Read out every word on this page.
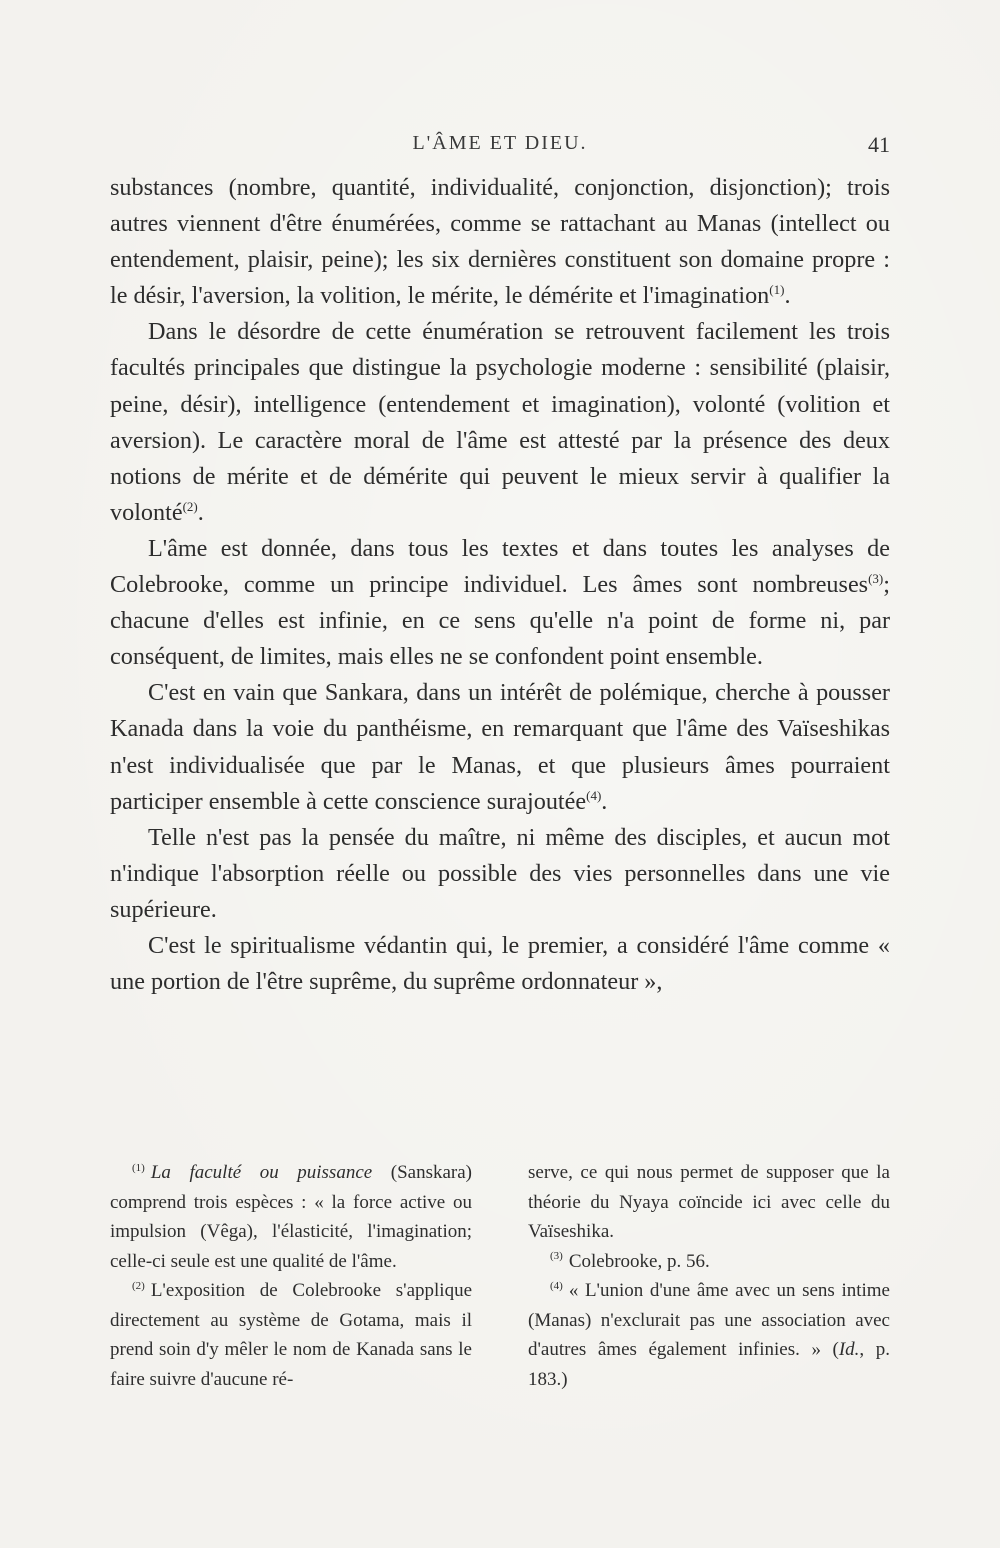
L'ÂME ET DIEU.	41

substances (nombre, quantité, individualité, conjonction, disjonction); trois autres viennent d'être énumérées, comme se rattachant au Manas (intellect ou entendement, plaisir, peine); les six dernières constituent son domaine propre : le désir, l'aversion, la volition, le mérite, le démérite et l'imagination$^{(1)}$.

Dans le désordre de cette énumération se retrouvent facilement les trois facultés principales que distingue la psychologie moderne : sensibilité (plaisir, peine, désir), intelligence (entendement et imagination), volonté (volition et aversion). Le caractère moral de l'âme est attesté par la présence des deux notions de mérite et de démérite qui peuvent le mieux servir à qualifier la volonté$^{(2)}$.

L'âme est donnée, dans tous les textes et dans toutes les analyses de Colebrooke, comme un principe individuel. Les âmes sont nombreuses$^{(3)}$; chacune d'elles est infinie, en ce sens qu'elle n'a point de forme ni, par conséquent, de limites, mais elles ne se confondent point ensemble.

C'est en vain que Sankara, dans un intérêt de polémique, cherche à pousser Kanada dans la voie du panthéisme, en remarquant que l'âme des Vaïseshikas n'est individualisée que par le Manas, et que plusieurs âmes pourraient participer ensemble à cette conscience surajoutée$^{(4)}$.

Telle n'est pas la pensée du maître, ni même des disciples, et aucun mot n'indique l'absorption réelle ou possible des vies personnelles dans une vie supérieure.

C'est le spiritualisme védantin qui, le premier, a considéré l'âme comme « une portion de l'être suprême, du suprême ordonnateur »,

$^{(1)}$ La faculté ou puissance (Sanskara) comprend trois espèces : « la force active ou impulsion (Vêga), l'élasticité, l'imagination; celle-ci seule est une qualité de l'âme.

$^{(2)}$ L'exposition de Colebrooke s'applique directement au système de Gotama, mais il prend soin d'y mêler le nom de Kanada sans le faire suivre d'aucune ré-

serve, ce qui nous permet de supposer que la théorie du Nyaya coïncide ici avec celle du Vaïseshika.

$^{(3)}$ Colebrooke, p. 56.

$^{(4)}$ « L'union d'une âme avec un sens intime (Manas) n'exclurait pas une association avec d'autres âmes également infinies. » (Id., p. 183.)
